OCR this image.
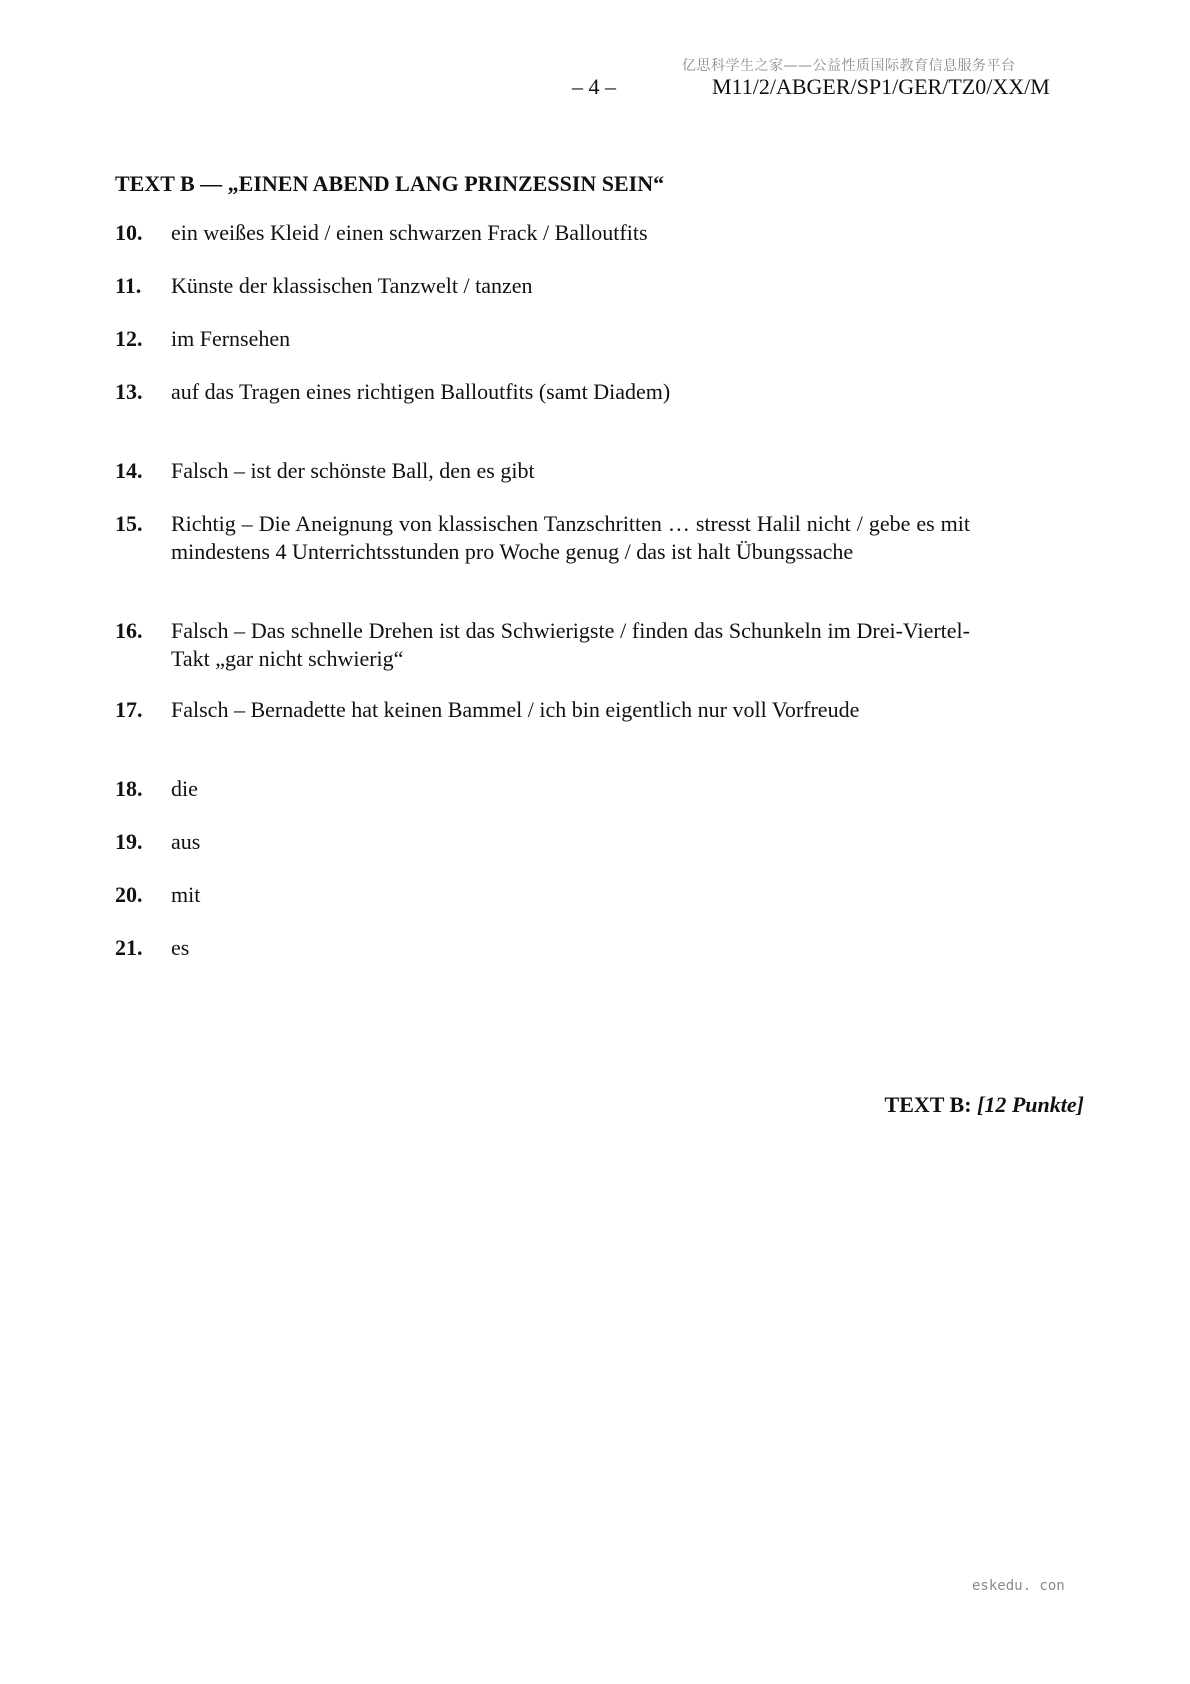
亿思科学生之家——公益性质国际教育信息服务平台
– 4 –	M11/2/ABGER/SP1/GER/TZ0/XX/M
TEXT B — „EINEN ABEND LANG PRINZESSIN SEIN“
10. ein weißes Kleid / einen schwarzen Frack / Balloutfits
11. Künste der klassischen Tanzwelt / tanzen
12. im Fernsehen
13. auf das Tragen eines richtigen Balloutfits (samt Diadem)
14. Falsch – ist der schönste Ball, den es gibt
15. Richtig – Die Aneignung von klassischen Tanzschritten … stresst Halil nicht / gebe es mit mindestens 4 Unterrichtsstunden pro Woche genug / das ist halt Übungssache
16. Falsch – Das schnelle Drehen ist das Schwierigste / finden das Schunkeln im Drei-Viertel-Takt „gar nicht schwierig“
17. Falsch – Bernadette hat keinen Bammel / ich bin eigentlich nur voll Vorfreude
18. die
19. aus
20. mit
21. es
TEXT B: [12 Punkte]
eskedu. con
